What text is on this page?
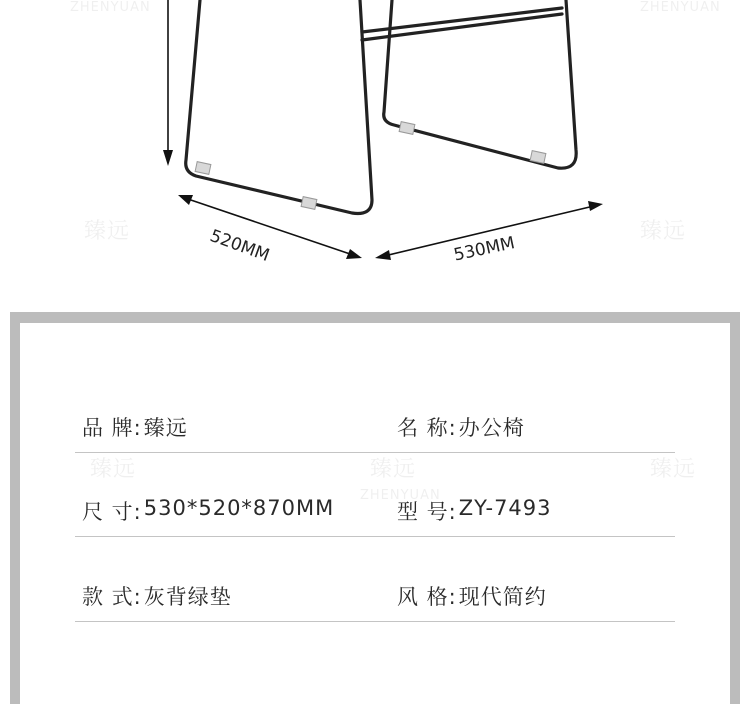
520MM	530MM
臻远	臻远
ZHENYUAN	ZHENYUAN
臻远	臻远	臻远
ZHENYUAN
品 牌: 臻远	名 称: 办公椅
尺 寸: 530*520*870MM	型 号: ZY-7493
款 式: 灰背绿垫	风 格: 现代简约
